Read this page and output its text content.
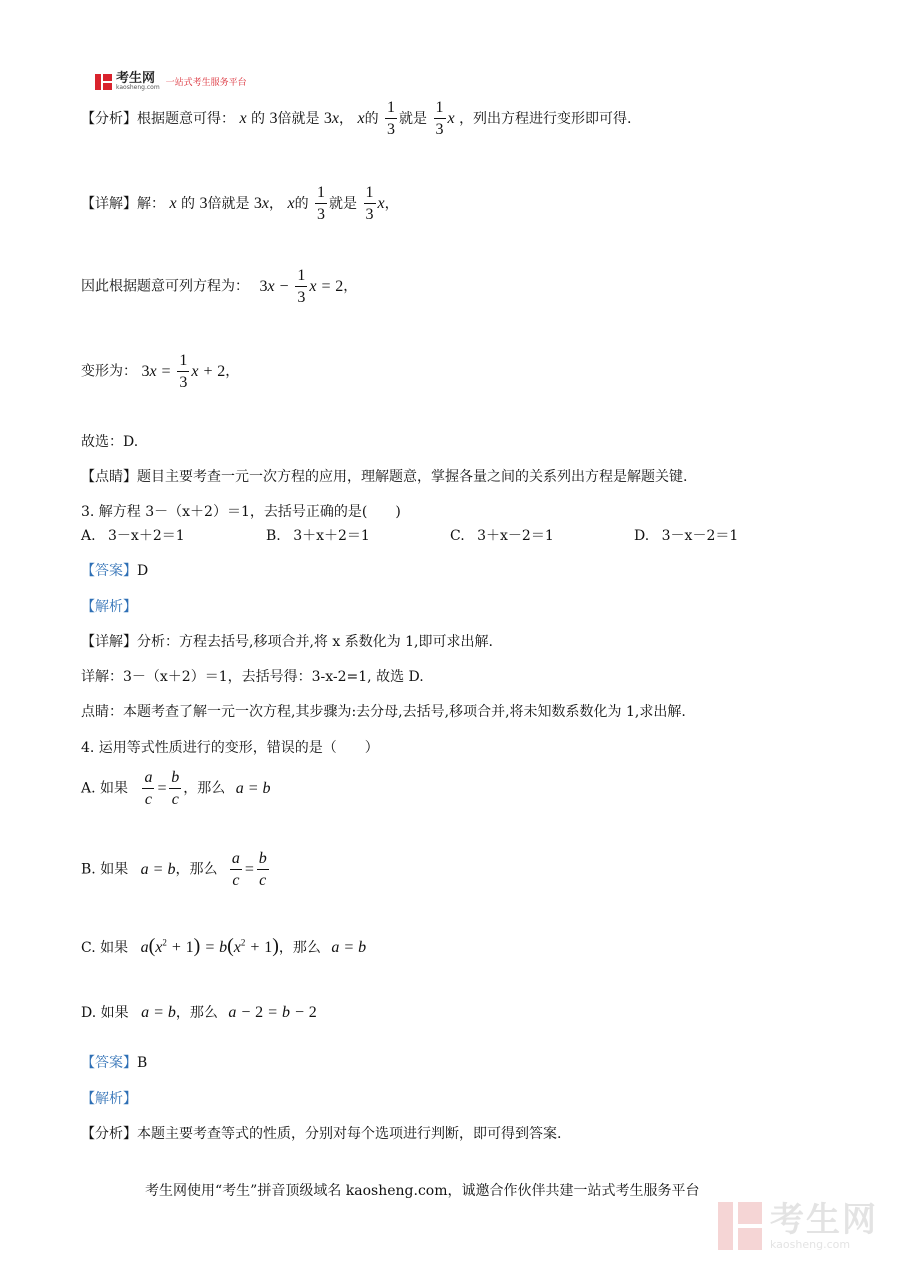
考生网
kaosheng.com 一站式考生服务平台
【分析】根据题意可得： x 的 3倍就是 3x， x的 $\frac{1}{3}$ 就是 $\frac{1}{3}$ x ，列出方程进行变形即可得.
【详解】解： x 的 3倍就是 3x， x的 $\frac{1}{3}$ 就是 $\frac{1}{3}$ x，
因此根据题意可列方程为： $3x - \frac{1}{3}$ x = 2，
变形为： $3x = \frac{1}{3}$ x + 2，
故选：D.
【点睛】题目主要考查一元一次方程的应用，理解题意，掌握各量之间的关系列出方程是解题关键.
3. 解方程 3－（x＋2）＝1，去括号正确的是(　　)
A. 3－x＋2＝1	B. 3＋x＋2＝1	C. 3＋x－2＝1	D. 3－x－2＝1
【答案】D
【解析】
【详解】分析：方程去括号,移项合并,将 x 系数化为 1,即可求出解.
详解：3－（x＋2）＝1，去括号得：3-x-2=1, 故选 D.
点睛：本题考查了解一元一次方程,其步骤为:去分母,去括号,移项合并,将未知数系数化为 1,求出解.
4. 运用等式性质进行的变形，错误的是（　　）
A. 如果 $\frac{a}{c} = \frac{b}{c}$ ，那么 a = b
B. 如果 a = b，那么 $\frac{a}{c} = \frac{b}{c}$
C. 如果 $a(x^2 + 1) = b(x^2 + 1)$，那么 a = b
D. 如果 a = b，那么 a − 2 = b − 2
【答案】B
【解析】
【分析】本题主要考查等式的性质，分别对每个选项进行判断，即可得到答案.
考生网使用“考生”拼音顶级域名 kaosheng.com，诚邀合作伙伴共建一站式考生服务平台
考生网
kaosheng.com
